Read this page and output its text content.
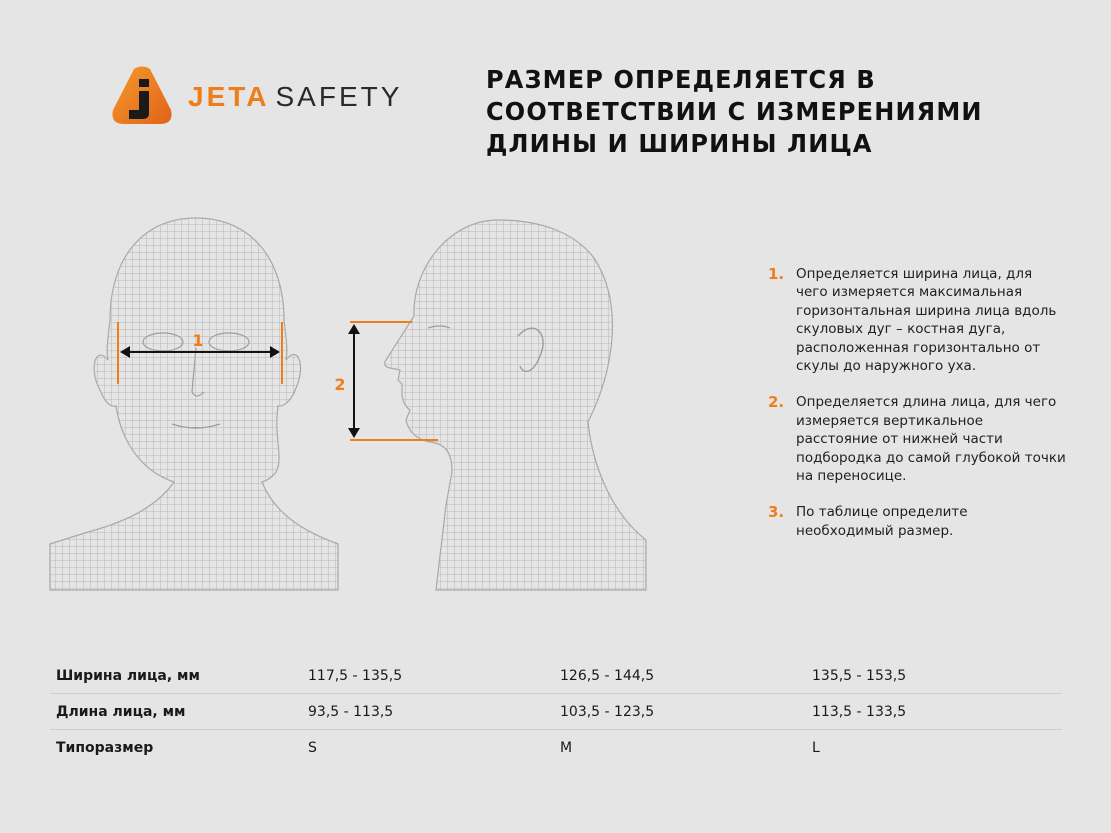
JETA SAFETY
РАЗМЕР ОПРЕДЕЛЯЕТСЯ В СООТВЕТСТВИИ С ИЗМЕРЕНИЯМИ ДЛИНЫ И ШИРИНЫ ЛИЦА
1
2
1. Определяется ширина лица, для чего измеряется максимальная горизонтальная ширина лица вдоль скуловых дуг – костная дуга, расположенная горизонтально от скулы до наружного уха.
2. Определяется длина лица, для чего измеряется вертикальное расстояние от нижней части подбородка до самой глубокой точки на переносице.
3. По таблице определите необходимый размер.
Ширина лица, мм	117,5 - 135,5	126,5 - 144,5	135,5 - 153,5
Длина лица, мм	93,5 - 113,5	103,5 - 123,5	113,5 - 133,5
Типоразмер	S	M	L
